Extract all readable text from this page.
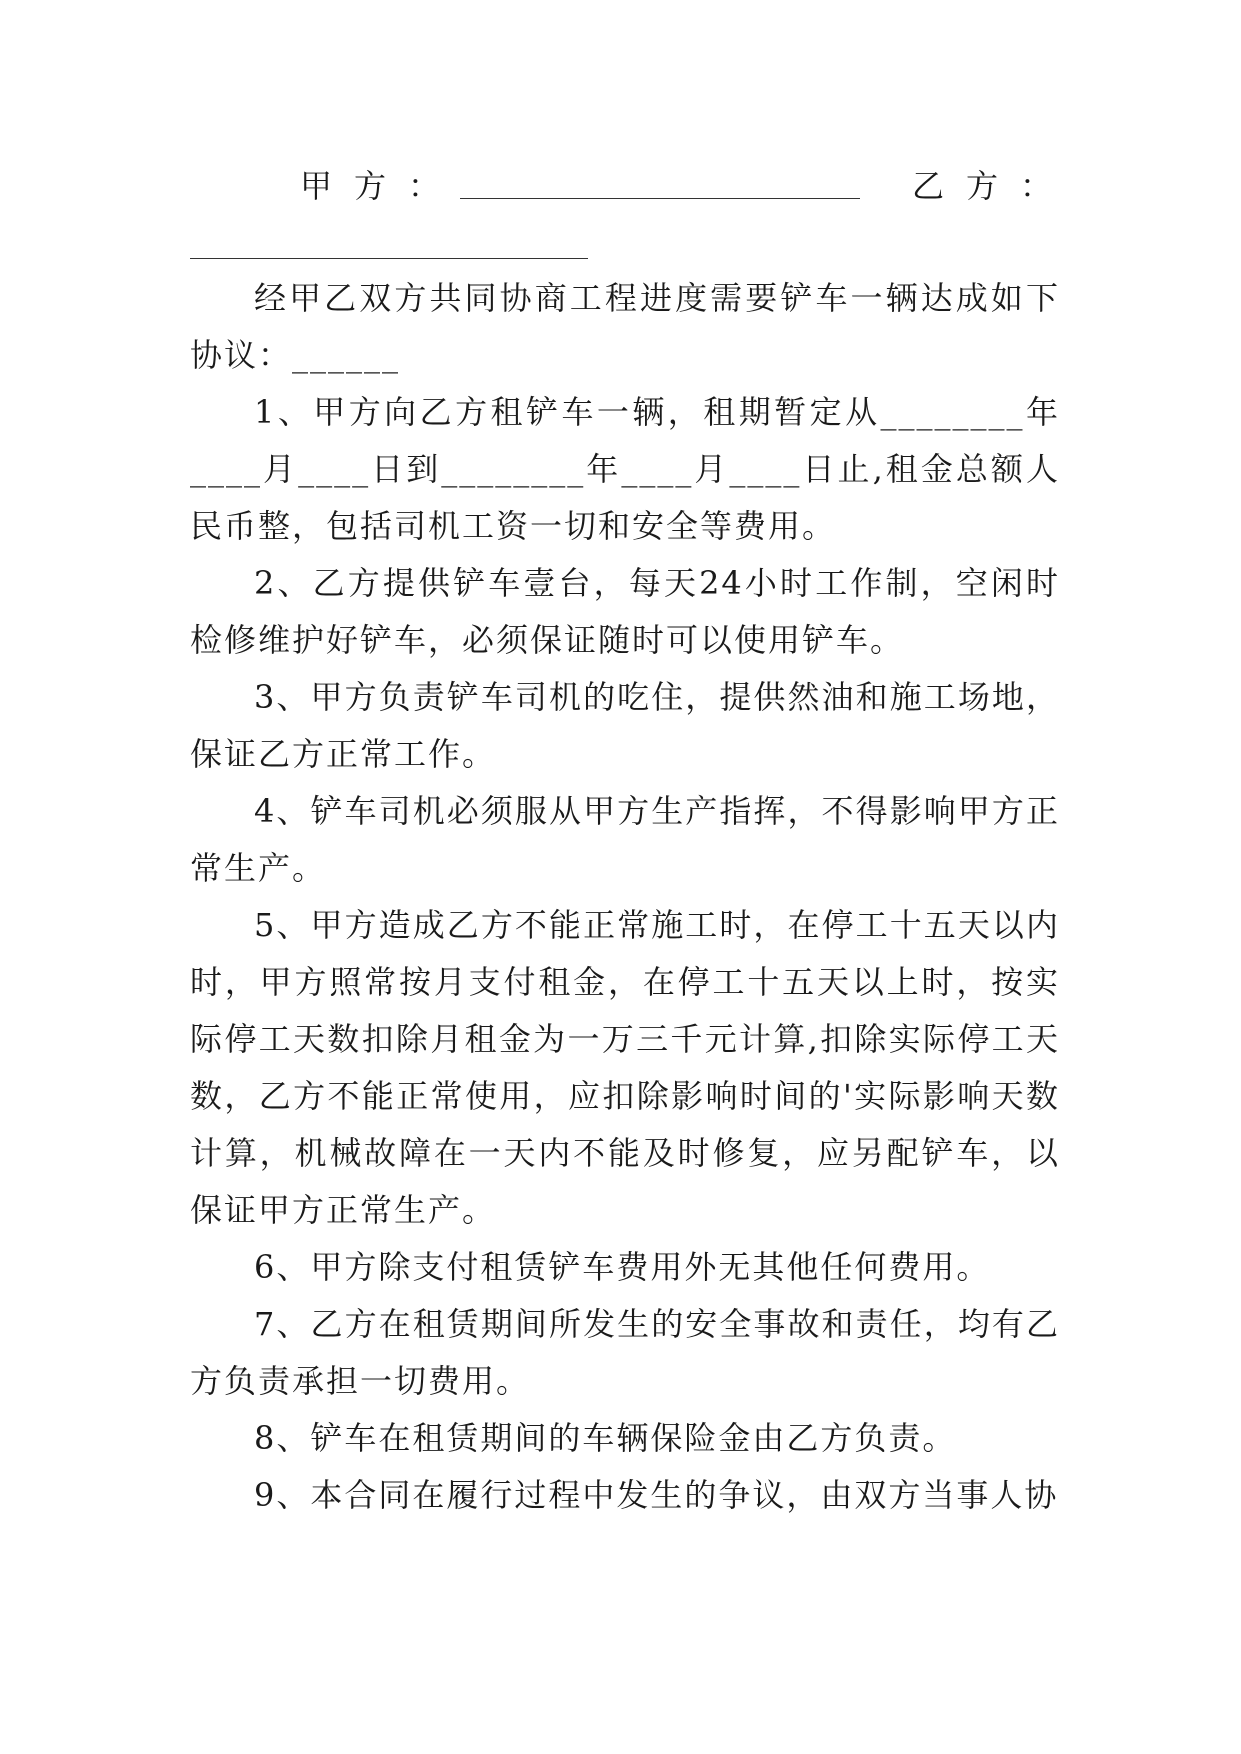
甲方：	乙方：

经甲乙双方共同协商工程进度需要铲车一辆达成如下协议：______

1、甲方向乙方租铲车一辆，租期暂定从________年____月____日到________年____月____日止,租金总额人民币整，包括司机工资一切和安全等费用。

2、乙方提供铲车壹台，每天24小时工作制，空闲时检修维护好铲车，必须保证随时可以使用铲车。

3、甲方负责铲车司机的吃住，提供然油和施工场地，保证乙方正常工作。

4、铲车司机必须服从甲方生产指挥，不得影响甲方正常生产。

5、甲方造成乙方不能正常施工时，在停工十五天以内时，甲方照常按月支付租金，在停工十五天以上时，按实际停工天数扣除月租金为一万三千元计算,扣除实际停工天数，乙方不能正常使用，应扣除影响时间的'实际影响天数计算，机械故障在一天内不能及时修复，应另配铲车，以保证甲方正常生产。

6、甲方除支付租赁铲车费用外无其他任何费用。

7、乙方在租赁期间所发生的安全事故和责任，均有乙方负责承担一切费用。

8、铲车在租赁期间的车辆保险金由乙方负责。

9、本合同在履行过程中发生的争议，由双方当事人协
